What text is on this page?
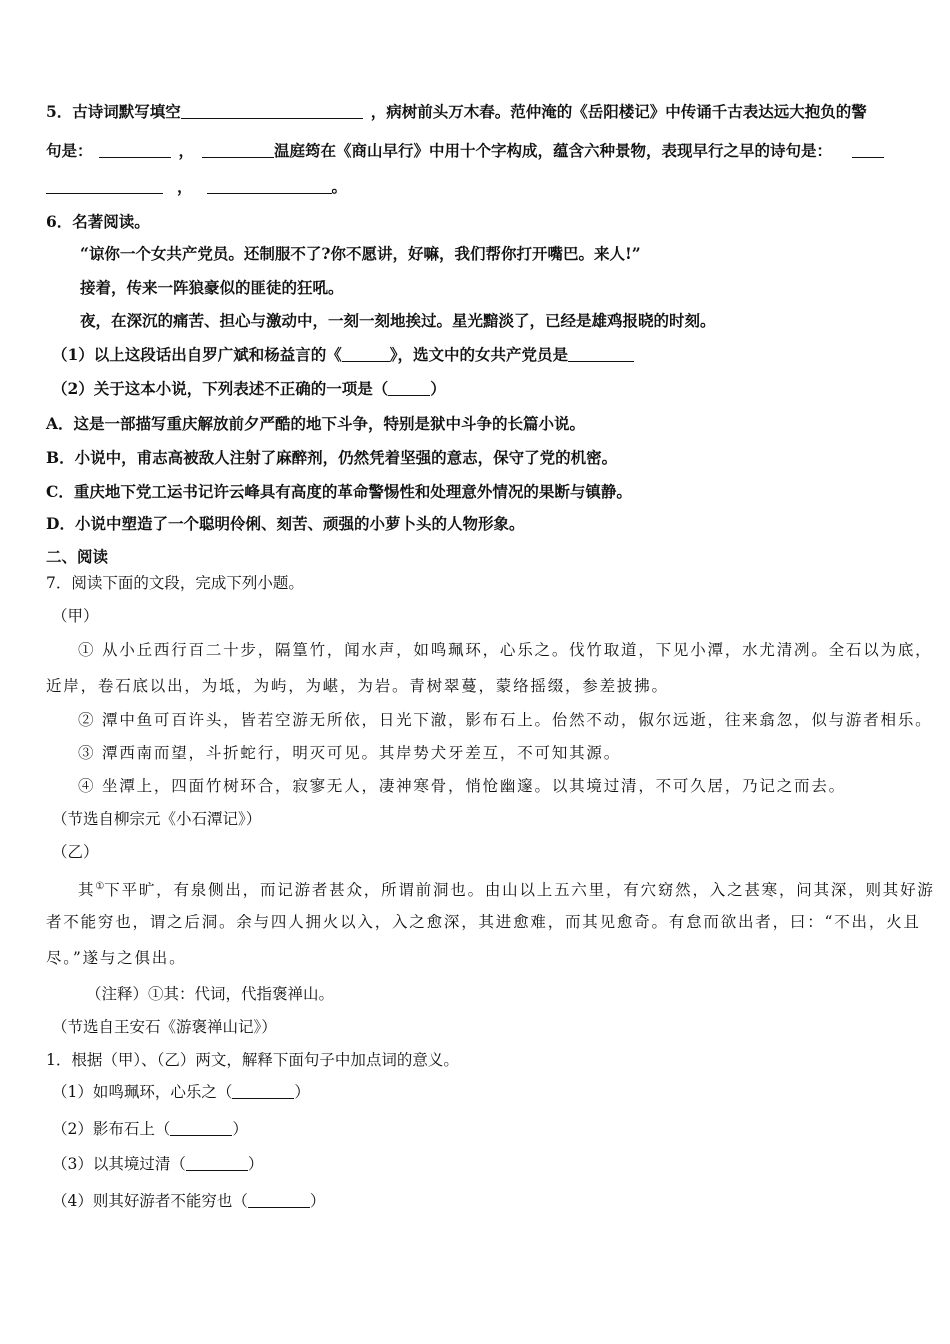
5．古诗词默写填空	，病树前头万木春。范仲淹的《岳阳楼记》中传诵千古表达远大抱负的警
句是：	，	温庭筠在《商山早行》中用十个字构成，蕴含六种景物，表现早行之早的诗句是：
，	。
6．名著阅读。
“谅你一个女共产党员。还制服不了?你不愿讲，好嘛，我们帮你打开嘴巴。来人!”
接着，传来一阵狼豪似的匪徒的狂吼。
夜，在深沉的痛苦、担心与激动中，一刻一刻地挨过。星光黯淡了，已经是雄鸡报晓的时刻。
（1）以上这段话出自罗广斌和杨益言的《	》，选文中的女共产党员是
（2）关于这本小说，下列表述不正确的一项是（	）
A．这是一部描写重庆解放前夕严酷的地下斗争，特别是狱中斗争的长篇小说。
B．小说中，甫志高被敌人注射了麻醉剂，仍然凭着坚强的意志，保守了党的机密。
C．重庆地下党工运书记许云峰具有高度的革命警惕性和处理意外情况的果断与镇静。
D．小说中塑造了一个聪明伶俐、刻苦、顽强的小萝卜头的人物形象。
二、阅读
7．阅读下面的文段，完成下列小题。
（甲）
① 从小丘西行百二十步，隔篁竹，闻水声，如鸣珮环，心乐之。伐竹取道，下见小潭，水尤清冽。全石以为底，
近岸，卷石底以出，为坻，为屿，为嵁，为岩。青树翠蔓，蒙络摇缀，参差披拂。
② 潭中鱼可百许头，皆若空游无所依，日光下澈，影布石上。佁然不动，俶尔远逝，往来翕忽，似与游者相乐。
③ 潭西南而望，斗折蛇行，明灭可见。其岸势犬牙差互，不可知其源。
④ 坐潭上，四面竹树环合，寂寥无人，凄神寒骨，悄怆幽邃。以其境过清，不可久居，乃记之而去。
（节选自柳宗元《小石潭记》）
（乙）
其①下平旷，有泉侧出，而记游者甚众，所谓前洞也。由山以上五六里，有穴窈然，入之甚寒，问其深，则其好游
者不能穷也，谓之后洞。余与四人拥火以入，入之愈深，其进愈难，而其见愈奇。有怠而欲出者，曰：“不出，火且
尽。”遂与之俱出。
（注释）①其：代词，代指褒禅山。
（节选自王安石《游褒禅山记》）
1．根据（甲）、（乙）两文，解释下面句子中加点词的意义。
（1）如鸣珮环，心乐之（	）
（2）影布石上（	）
（3）以其境过清（	）
（4）则其好游者不能穷也（	）
